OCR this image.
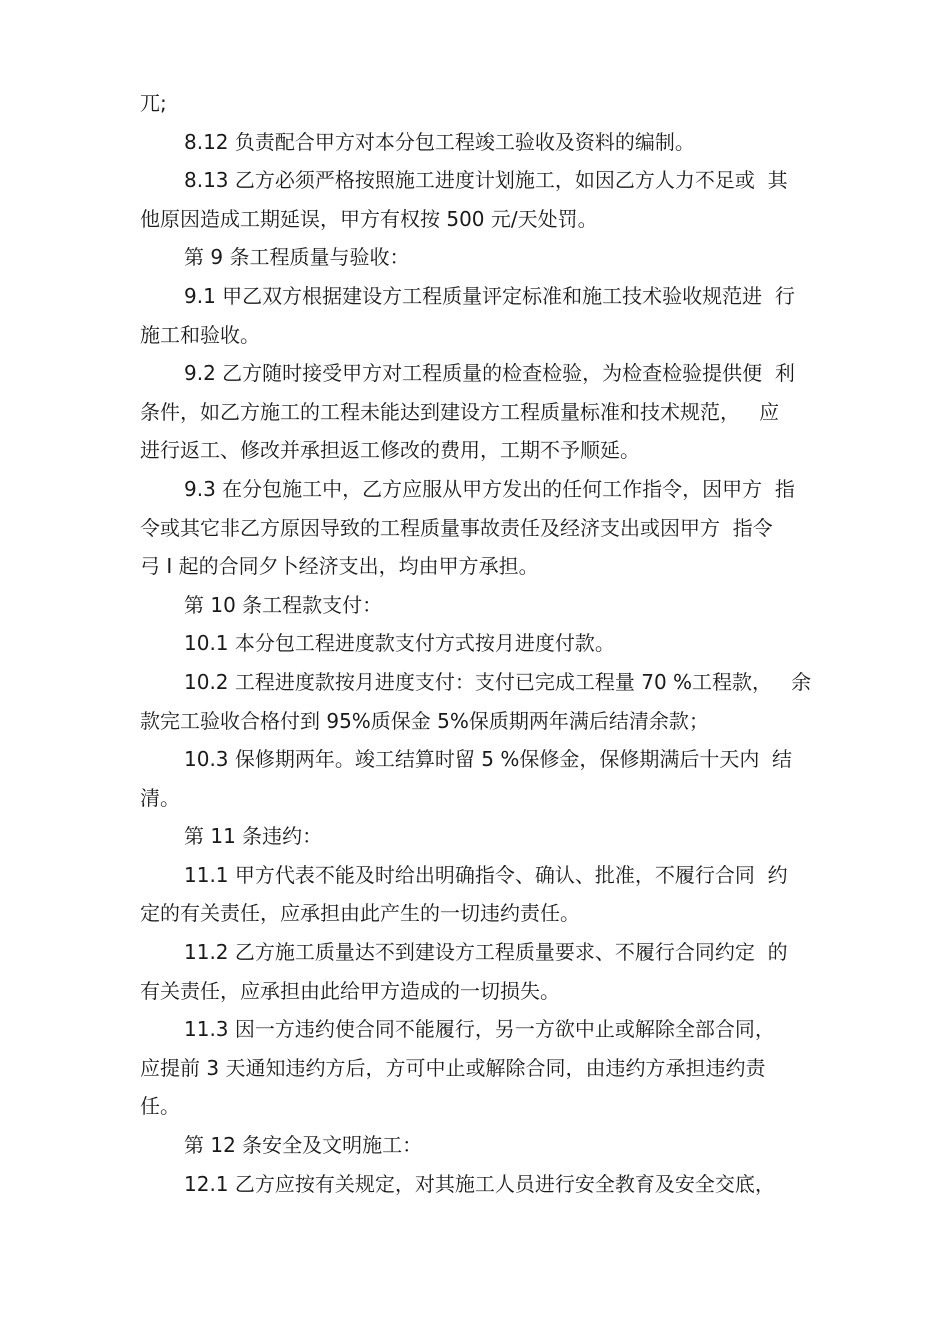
兀;
8.12 负责配合甲方对本分包工程竣工验收及资料的编制。
8.13 乙方必须严格按照施工进度计划施工，如因乙方人力不足或  其
他原因造成工期延误，甲方有权按 500 元/天处罚。
第 9 条工程质量与验收：
9.1 甲乙双方根据建设方工程质量评定标准和施工技术验收规范进  行
施工和验收。
9.2 乙方随时接受甲方对工程质量的检查检验，为检查检验提供便  利
条件，如乙方施工的工程未能达到建设方工程质量标准和技术规范，   应
进行返工、修改并承担返工修改的费用，工期不予顺延。
9.3 在分包施工中，乙方应服从甲方发出的任何工作指令，因甲方  指
令或其它非乙方原因导致的工程质量事故责任及经济支出或因甲方  指令
弓 I 起的合同夕卜经济支出，均由甲方承担。
第 10 条工程款支付：
10.1 本分包工程进度款支付方式按月进度付款。
10.2 工程进度款按月进度支付：支付已完成工程量 70 %工程款，   余
款完工验收合格付到 95%质保金 5%保质期两年满后结清余款；
10.3 保修期两年。竣工结算时留 5 %保修金，保修期满后十天内  结
清。
第 11 条违约：
11.1 甲方代表不能及时给出明确指令、确认、批准，不履行合同  约
定的有关责任，应承担由此产生的一切违约责任。
11.2 乙方施工质量达不到建设方工程质量要求、不履行合同约定  的
有关责任，应承担由此给甲方造成的一切损失。
11.3 因一方违约使合同不能履行，另一方欲中止或解除全部合同，
应提前 3 天通知违约方后，方可中止或解除合同，由违约方承担违约责
任。
第 12 条安全及文明施工：
12.1 乙方应按有关规定，对其施工人员进行安全教育及安全交底，
